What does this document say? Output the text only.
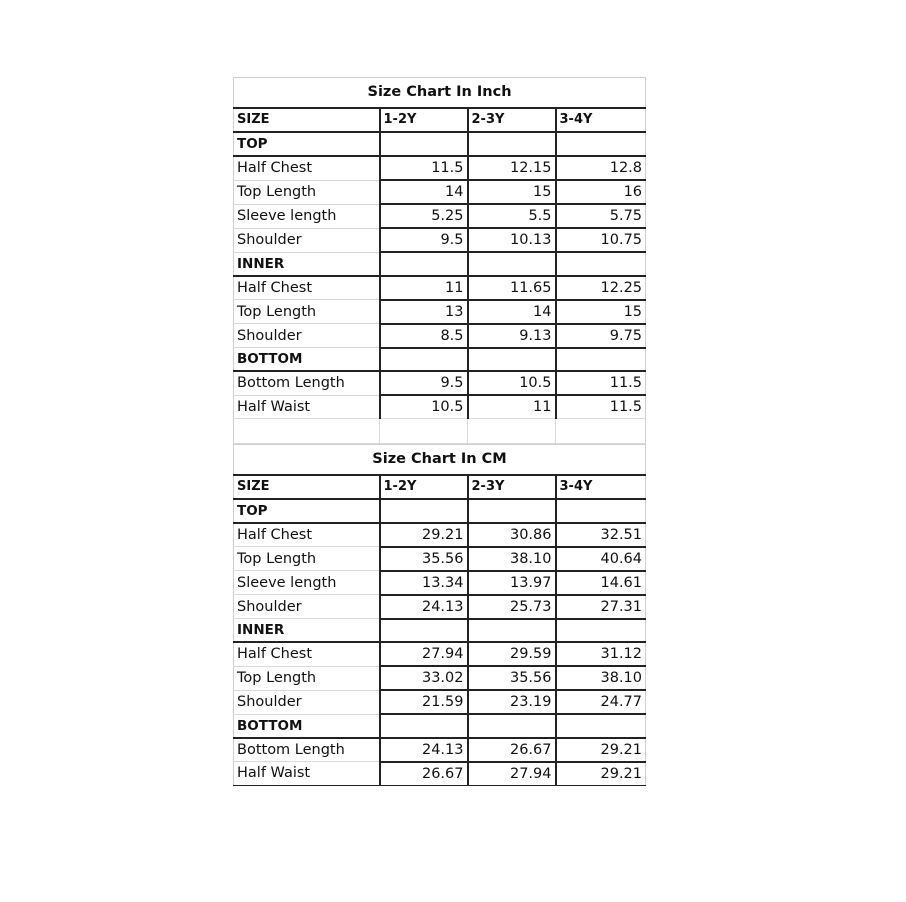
Size Chart In Inch			
SIZE	1-2Y	2-3Y	3-4Y
TOP			
Half Chest	11.5	12.15	12.8
Top Length	14	15	16
Sleeve length	5.25	5.5	5.75
Shoulder	9.5	10.13	10.75
INNER			
Half Chest	11	11.65	12.25
Top Length	13	14	15
Shoulder	8.5	9.13	9.75
BOTTOM			
Bottom Length	9.5	10.5	11.5
Half Waist	10.5	11	11.5

Size Chart In CM			
SIZE	1-2Y	2-3Y	3-4Y
TOP			
Half Chest	29.21	30.86	32.51
Top Length	35.56	38.10	40.64
Sleeve length	13.34	13.97	14.61
Shoulder	24.13	25.73	27.31
INNER			
Half Chest	27.94	29.59	31.12
Top Length	33.02	35.56	38.10
Shoulder	21.59	23.19	24.77
BOTTOM			
Bottom Length	24.13	26.67	29.21
Half Waist	26.67	27.94	29.21
